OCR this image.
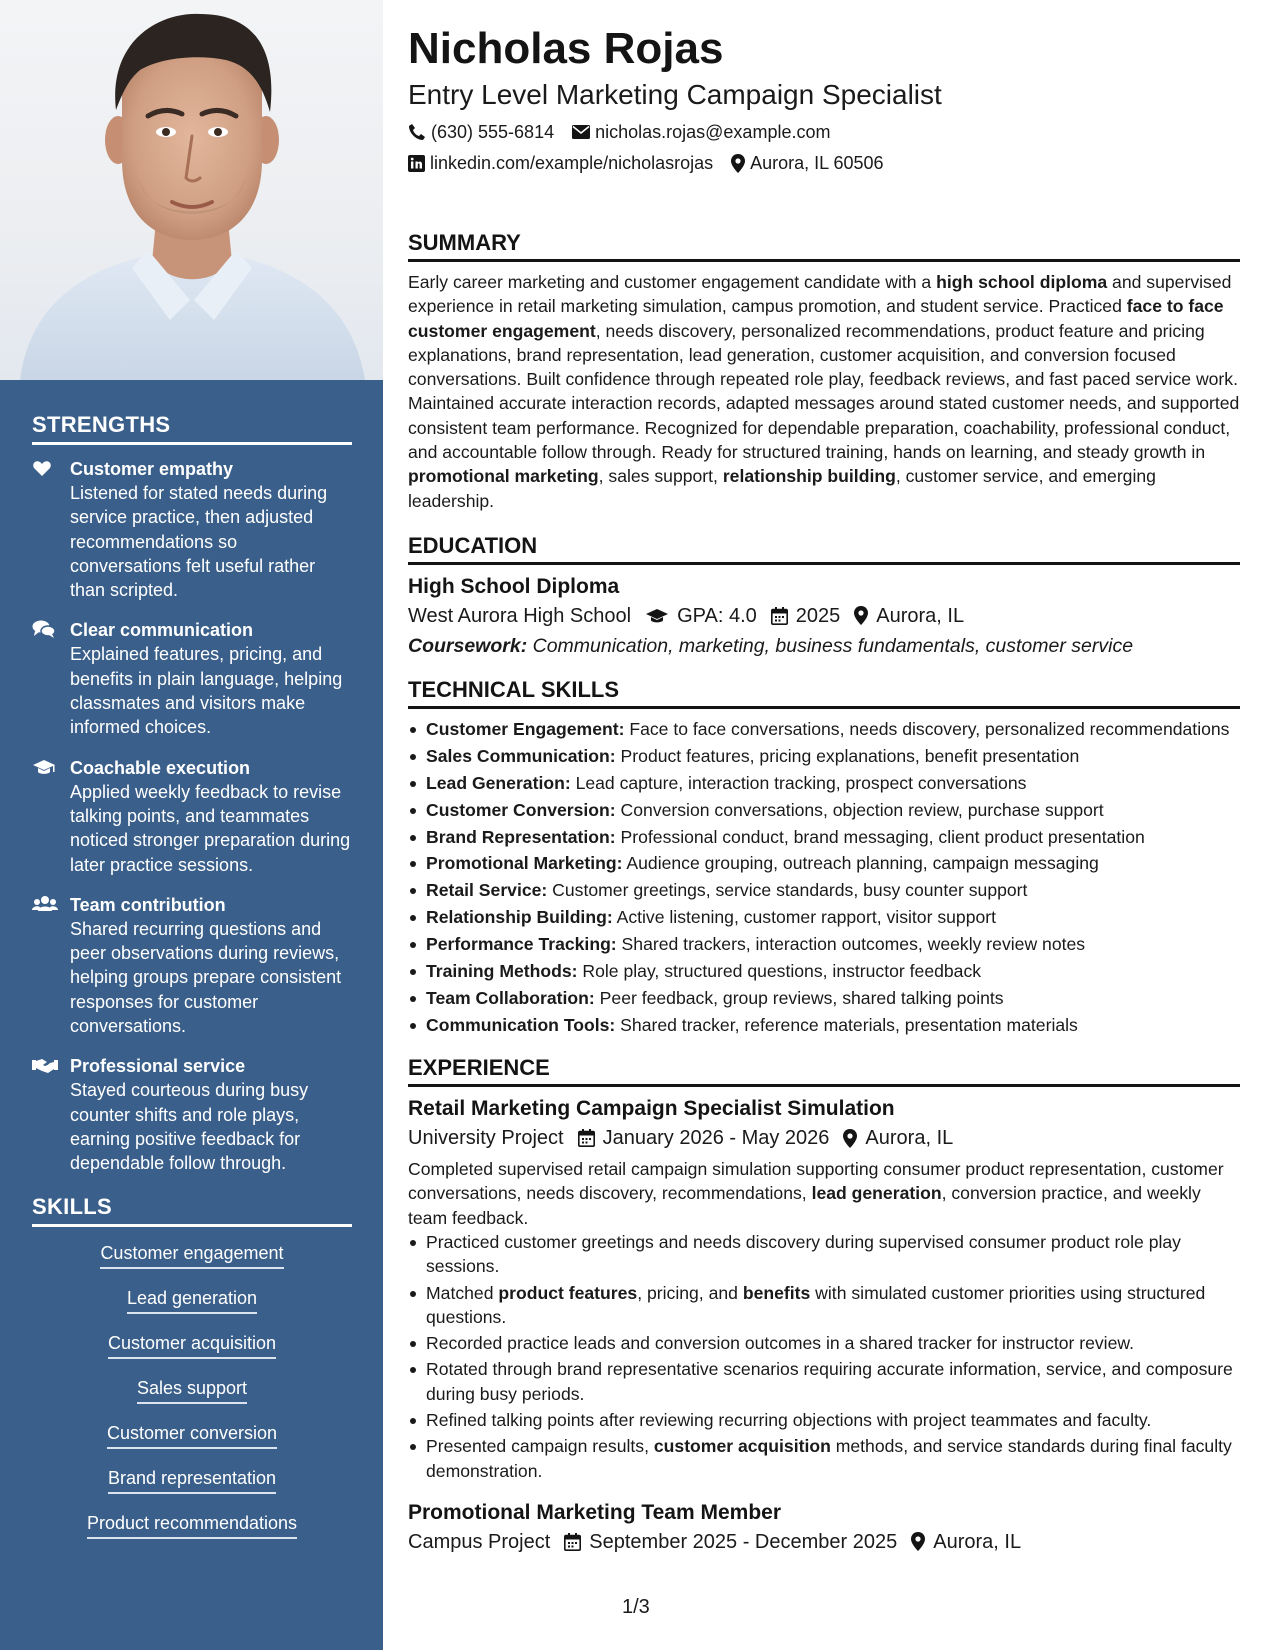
STRENGTHS
Customer empathy
Listened for stated needs during service practice, then adjusted recommendations so conversations felt useful rather than scripted.
Clear communication
Explained features, pricing, and benefits in plain language, helping classmates and visitors make informed choices.
Coachable execution
Applied weekly feedback to revise talking points, and teammates noticed stronger preparation during later practice sessions.
Team contribution
Shared recurring questions and peer observations during reviews, helping groups prepare consistent responses for customer conversations.
Professional service
Stayed courteous during busy counter shifts and role plays, earning positive feedback for dependable follow through.
SKILLS
Customer engagement
Lead generation
Customer acquisition
Sales support
Customer conversion
Brand representation
Product recommendations
Nicholas Rojas
Entry Level Marketing Campaign Specialist
(630) 555-6814 nicholas.rojas@example.com
linkedin.com/example/nicholasrojas Aurora, IL 60506
SUMMARY

Early career marketing and customer engagement candidate with a high school diploma and supervised experience in retail marketing simulation, campus promotion, and student service. Practiced face to face customer engagement, needs discovery, personalized recommendations, product feature and pricing explanations, brand representation, lead generation, customer acquisition, and conversion focused conversations. Built confidence through repeated role play, feedback reviews, and fast paced service work. Maintained accurate interaction records, adapted messages around stated customer needs, and supported consistent team performance. Recognized for dependable preparation, coachability, professional conduct, and accountable follow through. Ready for structured training, hands on learning, and steady growth in promotional marketing, sales support, relationship building, customer service, and emerging leadership.

EDUCATION
High School Diploma
West Aurora High School GPA: 4.0 2025 Aurora, IL
Coursework: Communication, marketing, business fundamentals, customer service
TECHNICAL SKILLS
Customer Engagement: Face to face conversations, needs discovery, personalized recommendations
Sales Communication: Product features, pricing explanations, benefit presentation
Lead Generation: Lead capture, interaction tracking, prospect conversations
Customer Conversion: Conversion conversations, objection review, purchase support
Brand Representation: Professional conduct, brand messaging, client product presentation
Promotional Marketing: Audience grouping, outreach planning, campaign messaging
Retail Service: Customer greetings, service standards, busy counter support
Relationship Building: Active listening, customer rapport, visitor support
Performance Tracking: Shared trackers, interaction outcomes, weekly review notes
Training Methods: Role play, structured questions, instructor feedback
Team Collaboration: Peer feedback, group reviews, shared talking points
Communication Tools: Shared tracker, reference materials, presentation materials
EXPERIENCE
Retail Marketing Campaign Specialist Simulation
University Project January 2026 - May 2026 Aurora, IL

Completed supervised retail campaign simulation supporting consumer product representation, customer conversations, needs discovery, recommendations, lead generation, conversion practice, and weekly team feedback.

Practiced customer greetings and needs discovery during supervised consumer product role play sessions.
Matched product features, pricing, and benefits with simulated customer priorities using structured questions.
Recorded practice leads and conversion outcomes in a shared tracker for instructor review.
Rotated through brand representative scenarios requiring accurate information, service, and composure during busy periods.
Refined talking points after reviewing recurring objections with project teammates and faculty.
Presented campaign results, customer acquisition methods, and service standards during final faculty demonstration.
Promotional Marketing Team Member
Campus Project September 2025 - December 2025 Aurora, IL
1/3
